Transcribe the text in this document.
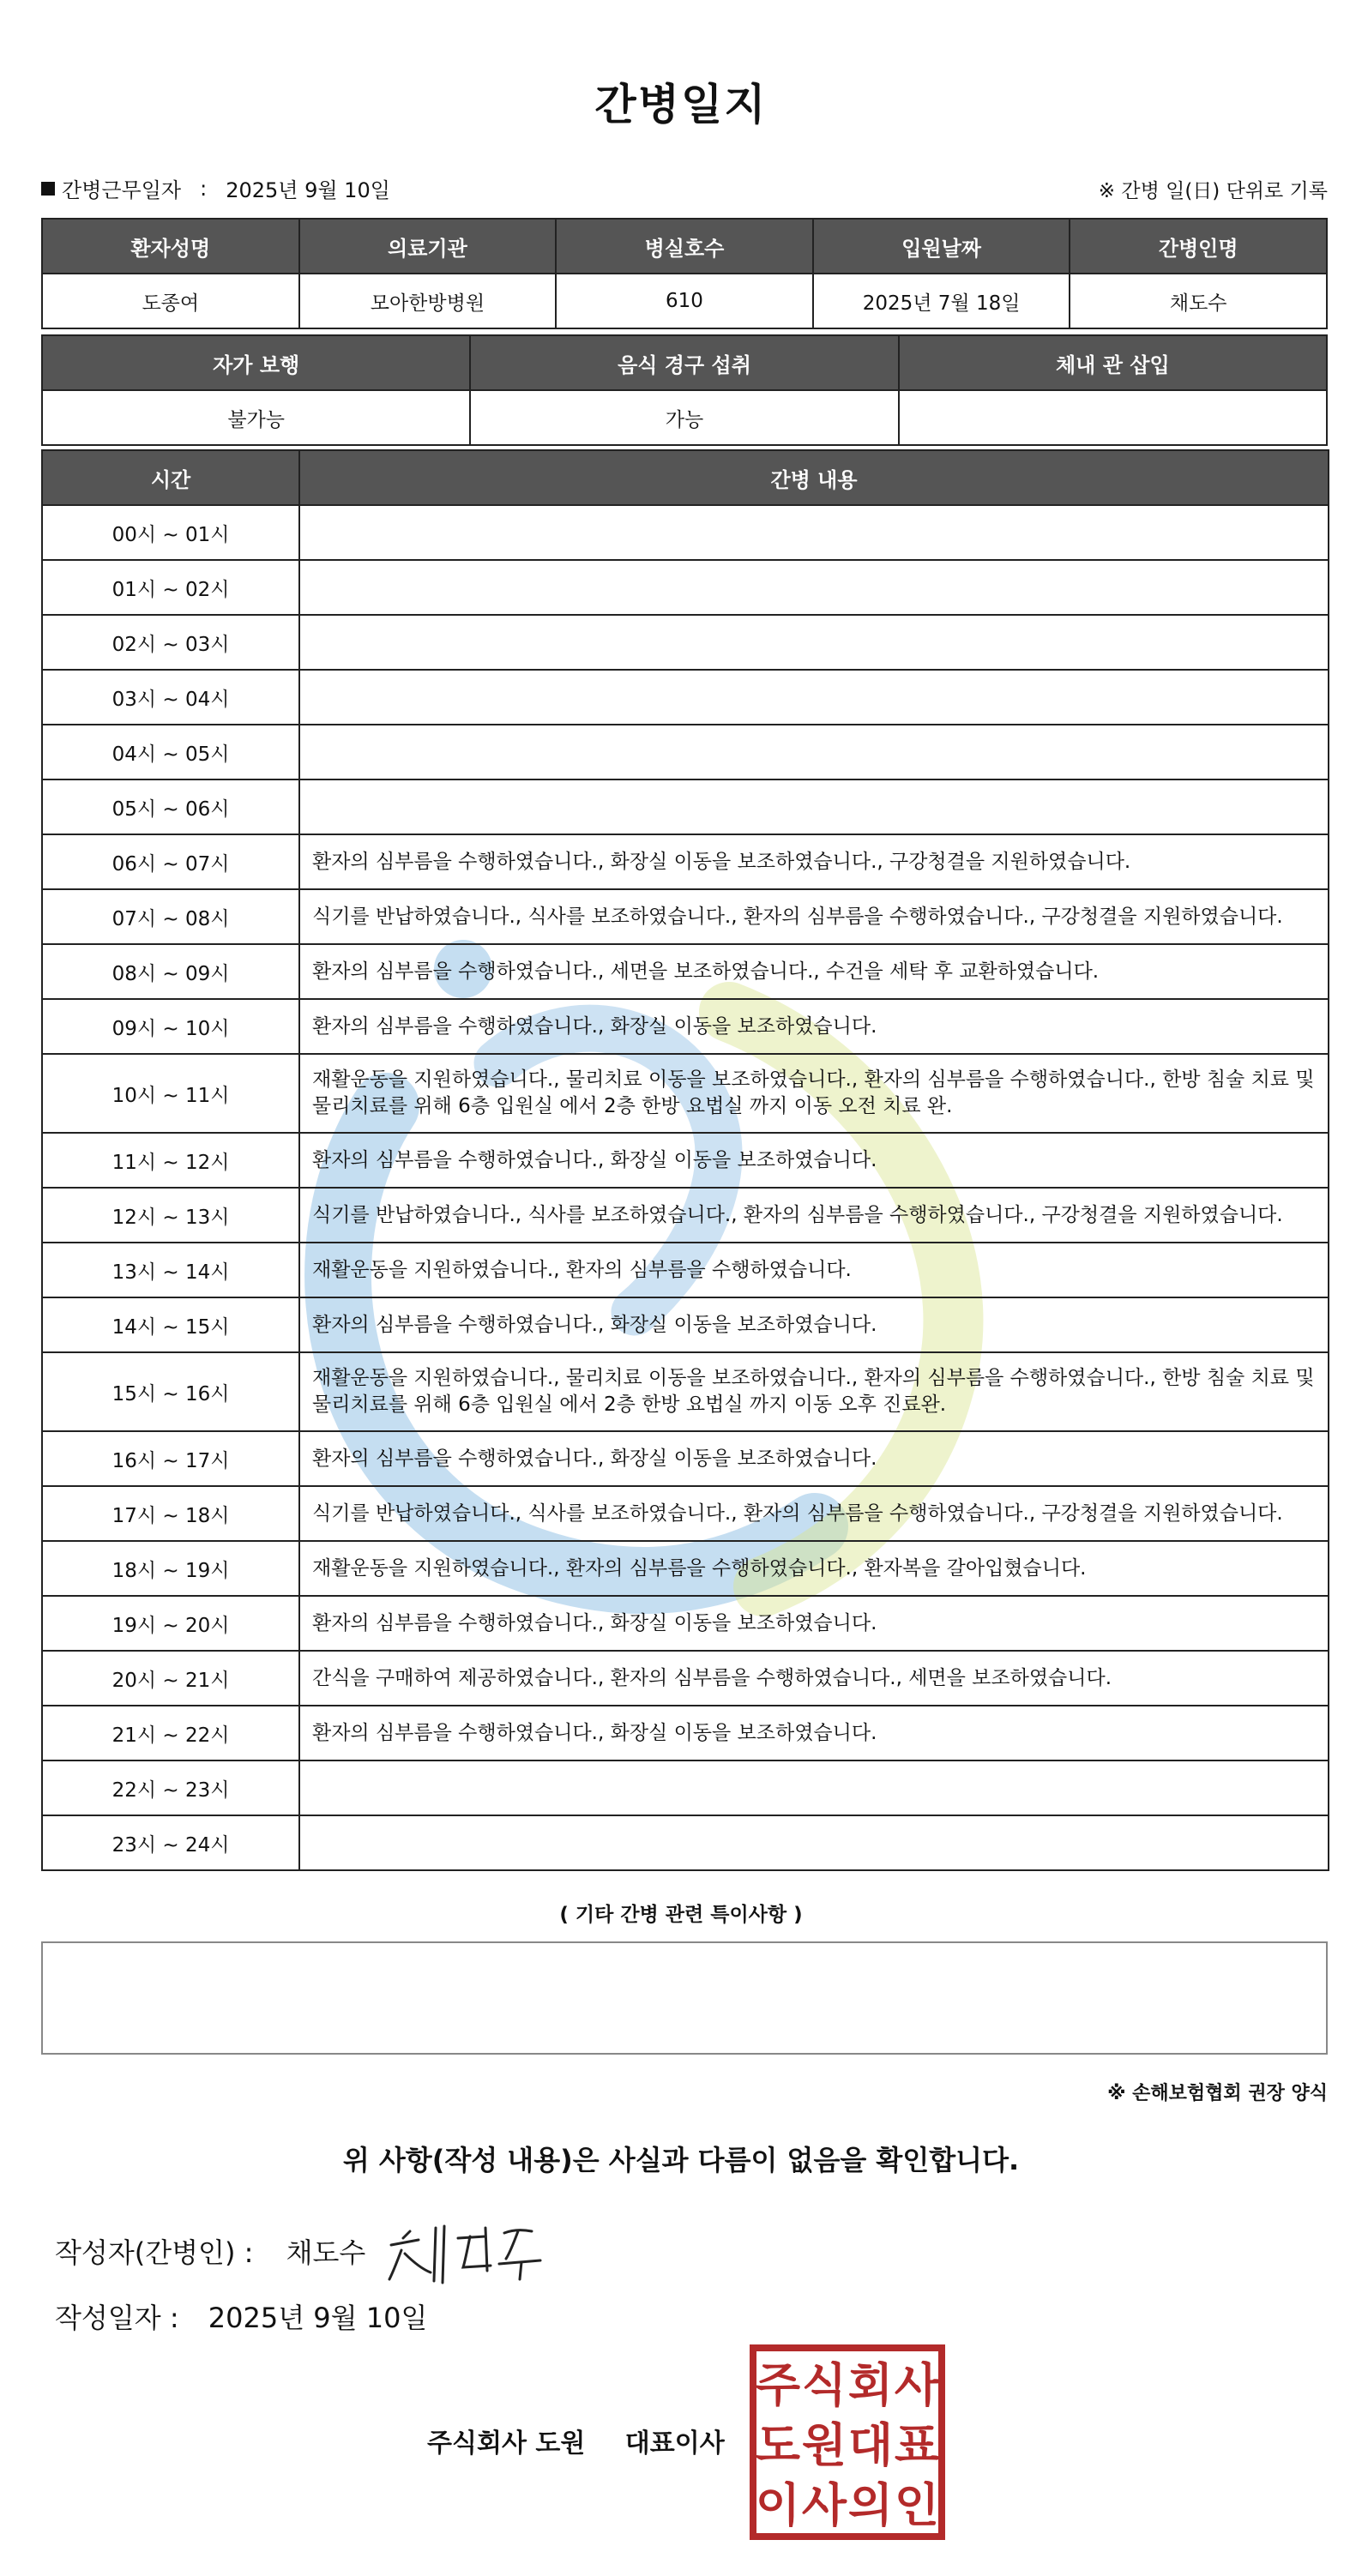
간병일지
간병근무일자 : 2025년 9월 10일	※ 간병 일(日) 단위로 기록
환자성명	의료기관	병실호수	입원날짜	간병인명
도종여	모아한방병원	610	2025년 7월 18일	채도수
자가 보행	음식 경구 섭취	체내 관 삽입
불가능	가능	
시간	간병 내용
00시 ~ 01시	
01시 ~ 02시	
02시 ~ 03시	
03시 ~ 04시	
04시 ~ 05시	
05시 ~ 06시	
06시 ~ 07시	환자의 심부름을 수행하였습니다., 화장실 이동을 보조하였습니다., 구강청결을 지원하였습니다.
07시 ~ 08시	식기를 반납하였습니다., 식사를 보조하였습니다., 환자의 심부름을 수행하였습니다., 구강청결을 지원하였습니다.
08시 ~ 09시	환자의 심부름을 수행하였습니다., 세면을 보조하였습니다., 수건을 세탁 후 교환하였습니다.
09시 ~ 10시	환자의 심부름을 수행하였습니다., 화장실 이동을 보조하였습니다.
10시 ~ 11시	재활운동을 지원하였습니다., 물리치료 이동을 보조하였습니다., 환자의 심부름을 수행하였습니다., 한방 침술 치료 및 물리치료를 위해 6층 입원실 에서 2층 한방 요법실 까지 이동 오전 치료 완.
11시 ~ 12시	환자의 심부름을 수행하였습니다., 화장실 이동을 보조하였습니다.
12시 ~ 13시	식기를 반납하였습니다., 식사를 보조하였습니다., 환자의 심부름을 수행하였습니다., 구강청결을 지원하였습니다.
13시 ~ 14시	재활운동을 지원하였습니다., 환자의 심부름을 수행하였습니다.
14시 ~ 15시	환자의 심부름을 수행하였습니다., 화장실 이동을 보조하였습니다.
15시 ~ 16시	재활운동을 지원하였습니다., 물리치료 이동을 보조하였습니다., 환자의 심부름을 수행하였습니다., 한방 침술 치료 및 물리치료를 위해 6층 입원실 에서 2층 한방 요법실 까지 이동 오후 진료완.
16시 ~ 17시	환자의 심부름을 수행하였습니다., 화장실 이동을 보조하였습니다.
17시 ~ 18시	식기를 반납하였습니다., 식사를 보조하였습니다., 환자의 심부름을 수행하였습니다., 구강청결을 지원하였습니다.
18시 ~ 19시	재활운동을 지원하였습니다., 환자의 심부름을 수행하였습니다., 환자복을 갈아입혔습니다.
19시 ~ 20시	환자의 심부름을 수행하였습니다., 화장실 이동을 보조하였습니다.
20시 ~ 21시	간식을 구매하여 제공하였습니다., 환자의 심부름을 수행하였습니다., 세면을 보조하였습니다.
21시 ~ 22시	환자의 심부름을 수행하였습니다., 화장실 이동을 보조하였습니다.
22시 ~ 23시	
23시 ~ 24시	
( 기타 간병 관련 특이사항 )
※ 손해보험협회 권장 양식
위 사항(작성 내용)은 사실과 다름이 없음을 확인합니다.
작성자(간병인) : 채도수
작성일자 : 2025년 9월 10일
주식회사 도원 대표이사
주 식 회 사
도 원 대 표
이 사 의 인
